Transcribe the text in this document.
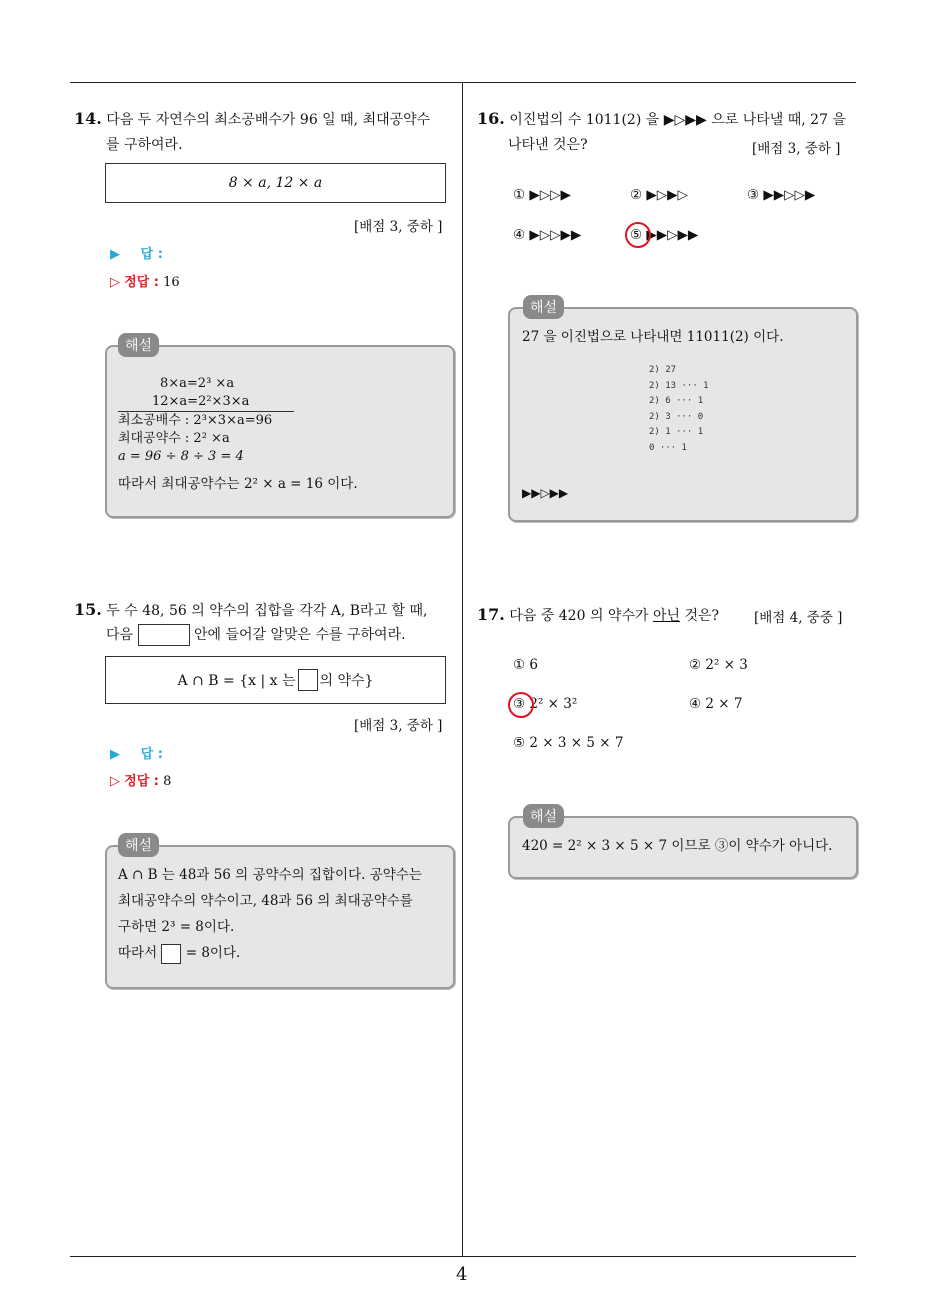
4
14. 다음 두 자연수의 최소공배수가 96 일 때, 최대공약수
를 구하여라.
8 × a, 12 × a
[배점 3, 중하 ]
▶ 답 :
▷ 정답 : 16
해설
8×a=2³ ×a
12×a=2²×3×a
최소공배수 : 2³×3×a=96
최대공약수 : 2² ×a
a = 96 ÷ 8 ÷ 3 = 4
따라서 최대공약수는 2² × a = 16 이다.
15. 두 수 48, 56 의 약수의 집합을 각각 A, B라고 할 때,
다음	안에 들어갈 알맞은 수를 구하여라.
A ∩ B = {x | x 는 의 약수}
[배점 3, 중하 ]
▶ 답 :
▷ 정답 : 8
해설
A ∩ B 는 48과 56 의 공약수의 집합이다. 공약수는
최대공약수의 약수이고, 48과 56 의 최대공약수를
구하면 2³ = 8이다.
따라서 = 8이다.
16. 이진법의 수 1011(2) 을 ▶▷▶▶ 으로 나타낼 때, 27 을
나타낸 것은?	[배점 3, 중하 ]
① ▶▷▷▶	② ▶▷▶▷	③ ▶▶▷▷▶
④ ▶▷▷▶▶	⑤ ▶▶▷▶▶
해설
27 을 이진법으로 나타내면 11011(2) 이다.
2) 27
2) 13 ··· 1
2) 6 ··· 1
2) 3 ··· 0
2) 1 ··· 1
0 ··· 1
▶▶▷▶▶
17. 다음 중 420 의 약수가 아닌 것은?	[배점 4, 중중 ]
① 6	② 2² × 3
③ 2² × 3²	④ 2 × 7
⑤ 2 × 3 × 5 × 7
해설
420 = 2² × 3 × 5 × 7 이므로 ③이 약수가 아니다.
